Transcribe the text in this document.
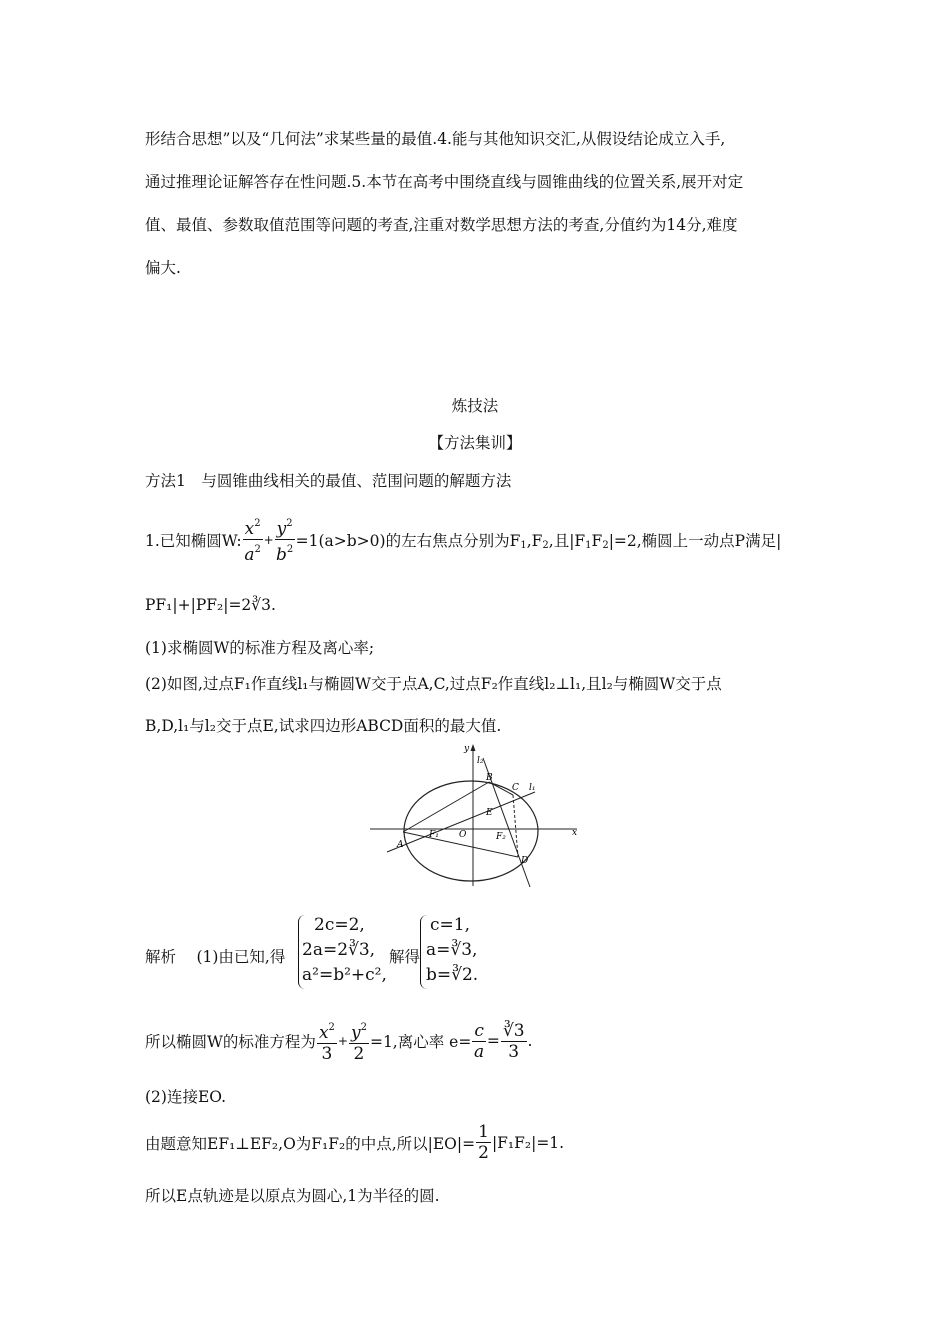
形结合思想”以及“几何法”求某些量的最值.4.能与其他知识交汇,从假设结论成立入手,
通过推理论证解答存在性问题.5.本节在高考中围绕直线与圆锥曲线的位置关系,展开对定
值、最值、参数取值范围等问题的考查,注重对数学思想方法的考查,分值约为14分,难度
偏大.
炼技法
【方法集训】
方法1　与圆锥曲线相关的最值、范围问题的解题方法
1.已知椭圆W: $\frac{x^2}{a^2} + \frac{y^2}{b^2} =1(a>b>0)$的左右焦点分别为$F_1,F_2$,且$|F_1F_2|=2$,椭圆上一动点P满足|
PF₁|+|PF₂|=2∛3.
(1)求椭圆W的标准方程及离心率;
(2)如图,过点F₁作直线l₁与椭圆W交于点A,C,过点F₂作直线l₂⊥l₁,且l₂与椭圆W交于点
B,D,l₁与l₂交于点E,试求四边形ABCD面积的最大值.
y
l₂
B
C l₁
E
F₁ O	F₂	x
A
D
解析　 (1)由已知,得
2c=2,
2a=2∛3,
a²=b²+c²,
解得
c=1,
a=∛3,
b=∛2.
所以椭圆W的标准方程为 $\frac{x^2}{3} + \frac{y^2}{2} =1$,离心率 $e= \frac{c}{a} = \frac{∛3}{3}$ .
(2)连接EO.
由题意知EF₁⊥EF₂,O为F₁F₂的中点,所以$|EO|= \frac{1}{2} |F_1F_2|=1$.
所以E点轨迹是以原点为圆心,1为半径的圆.
